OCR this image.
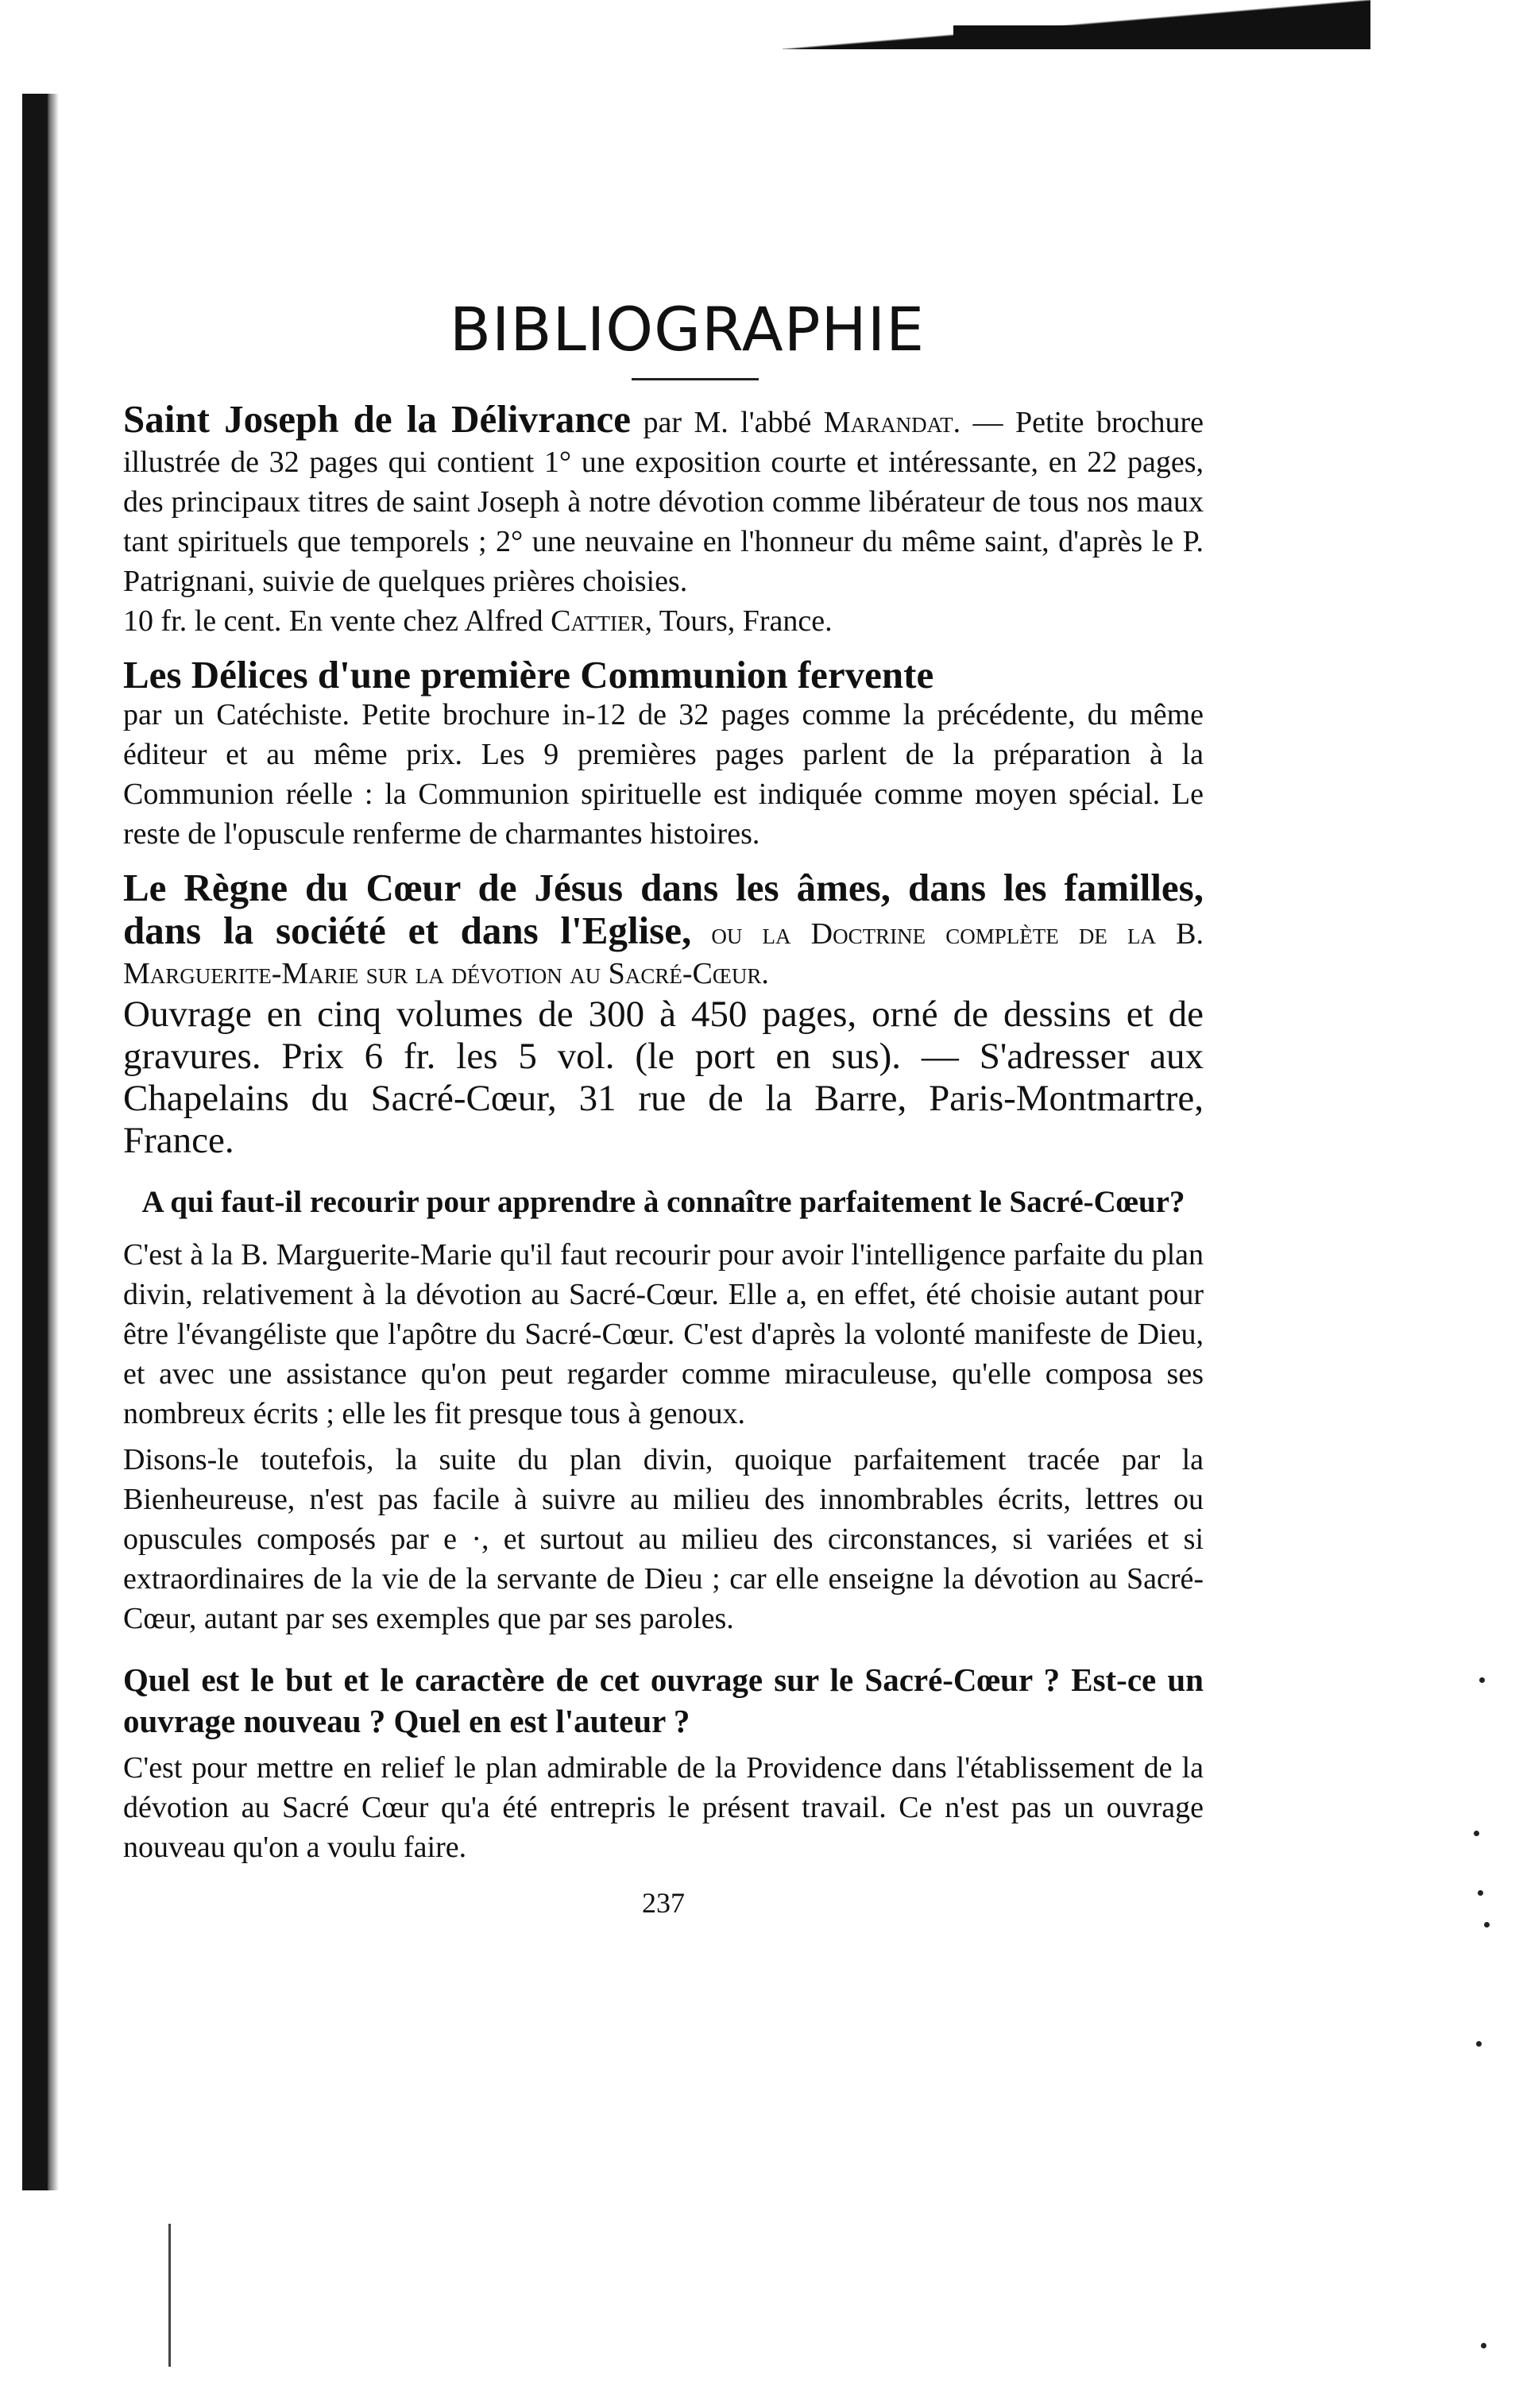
BIBLIOGRAPHIE

Saint Joseph de la Délivrance par M. l'abbé Marandat. — Petite brochure illustrée de 32 pages qui contient 1° une exposition courte et intéressante, en 22 pages, des principaux titres de saint Joseph à notre dévotion comme libérateur de tous nos maux tant spirituels que temporels ; 2° une neuvaine en l'honneur du même saint, d'après le P. Patrignani, suivie de quelques prières choisies.

10 fr. le cent. En vente chez Alfred Cattier, Tours, France.

Les Délices d'une première Communion fervente
par un Catéchiste. Petite brochure in-12 de 32 pages comme la précédente, du même éditeur et au même prix. Les 9 premières pages parlent de la préparation à la Communion réelle : la Communion spirituelle est indiquée comme moyen spécial. Le reste de l'opuscule renferme de charmantes histoires.

Le Règne du Cœur de Jésus dans les âmes, dans les familles, dans la société et dans l'Eglise, ou la Doctrine complète de la B. Marguerite-Marie sur la dévotion au Sacré-Cœur.

Ouvrage en cinq volumes de 300 à 450 pages, orné de dessins et de gravures. Prix 6 fr. les 5 vol. (le port en sus). — S'adresser aux Chapelains du Sacré-Cœur, 31 rue de la Barre, Paris-Montmartre, France.

A qui faut-il recourir pour apprendre à connaître parfaitement le Sacré-Cœur?

C'est à la B. Marguerite-Marie qu'il faut recourir pour avoir l'intelligence parfaite du plan divin, relativement à la dévotion au Sacré-Cœur. Elle a, en effet, été choisie autant pour être l'évangéliste que l'apôtre du Sacré-Cœur. C'est d'après la volonté manifeste de Dieu, et avec une assistance qu'on peut regarder comme miraculeuse, qu'elle composa ses nombreux écrits ; elle les fit presque tous à genoux.

Disons-le toutefois, la suite du plan divin, quoique parfaitement tracée par la Bienheureuse, n'est pas facile à suivre au milieu des innombrables écrits, lettres ou opuscules composés par e ·, et surtout au milieu des circonstances, si variées et si extraordinaires de la vie de la servante de Dieu ; car elle enseigne la dévotion au Sacré-Cœur, autant par ses exemples que par ses paroles.

Quel est le but et le caractère de cet ouvrage sur le Sacré-Cœur ? Est-ce un ouvrage nouveau ? Quel en est l'auteur ?

C'est pour mettre en relief le plan admirable de la Providence dans l'établissement de la dévotion au Sacré Cœur qu'a été entrepris le présent travail. Ce n'est pas un ouvrage nouveau qu'on a voulu faire.

237
